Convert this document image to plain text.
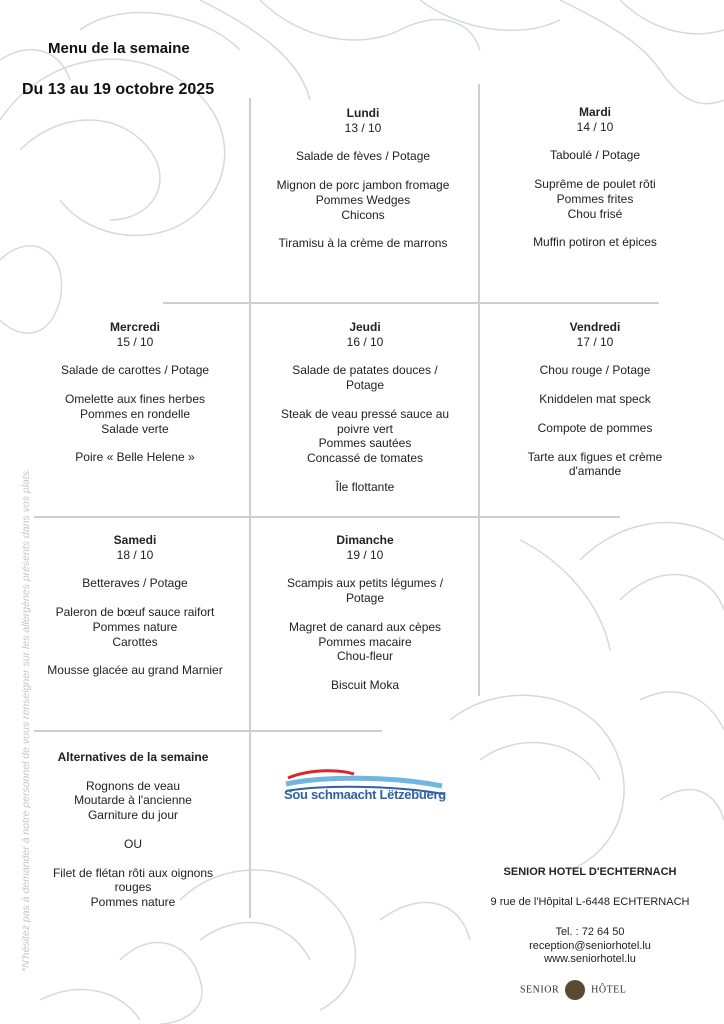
Menu de la semaine
Du 13 au 19 octobre 2025
Lundi
13 / 10
Salade de fèves / Potage
Mignon de porc jambon fromage
Pommes Wedges
Chicons
Tiramisu à la crème de marrons
Mardi
14 / 10
Taboulé / Potage
Suprême de poulet rôti
Pommes frites
Chou frisé
Muffin potiron et épices
Mercredi
15 / 10
Salade de carottes / Potage
Omelette aux fines herbes
Pommes en rondelle
Salade verte
Poire « Belle Helene »
Jeudi
16 / 10
Salade de patates douces /
Potage
Steak de veau pressé sauce au
poivre vert
Pommes sautées
Concassé de tomates
Île flottante
Vendredi
17 / 10
Chou rouge / Potage
Kniddelen mat speck
Compote de pommes
Tarte aux figues et crème
d'amande
Samedi
18 / 10
Betteraves / Potage
Paleron de bœuf sauce raifort
Pommes nature
Carottes
Mousse glacée au grand Marnier
Dimanche
19 / 10
Scampis aux petits légumes /
Potage
Magret de canard aux cèpes
Pommes macaire
Chou-fleur
Biscuit Moka
Alternatives de la semaine
Rognons de veau
Moutarde à l'ancienne
Garniture du jour
OU
Filet de flétan rôti aux oignons
rouges
Pommes nature
*N'hésitez pas à demander à notre personnel de vous renseigner sur les allergènes présents dans vos plats.	Sou schmaacht Lëtzebuerg
SENIOR HOTEL D'ECHTERNACH
9 rue de l'Hôpital L-6448 ECHTERNACH
Tel. : 72 64 50
reception@seniorhotel.lu
www.seniorhotel.lu
SENIOR	HÔTEL
